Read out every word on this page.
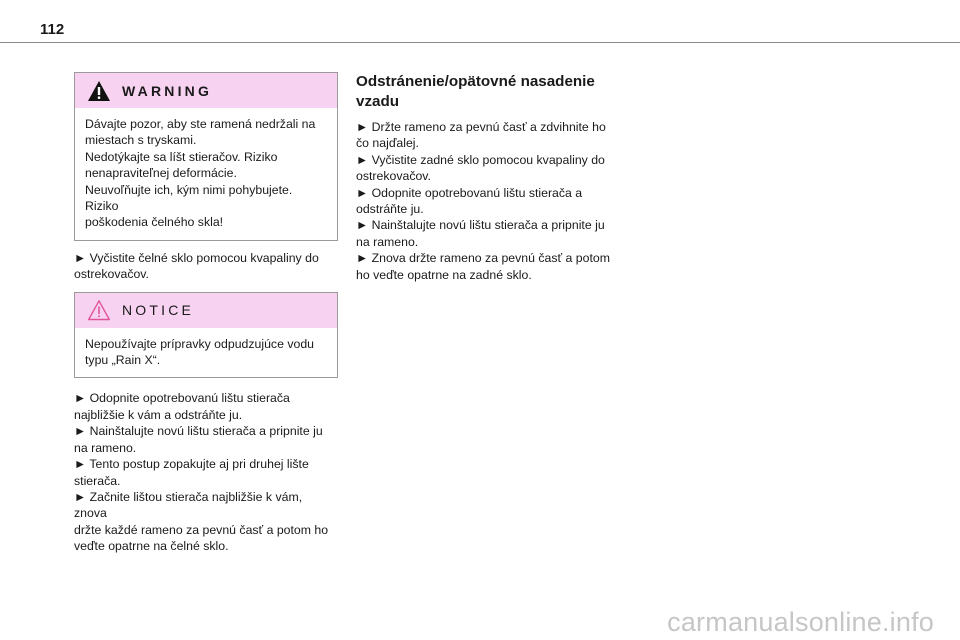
112
WARNING
Dávajte pozor, aby ste ramená nedržali na
miestach s tryskami.
Nedotýkajte sa líšt stieračov. Riziko
nenapraviteľnej deformácie.
Neuvoľňujte ich, kým nimi pohybujete. Riziko
poškodenia čelného skla!

► Vyčistite čelné sklo pomocou kvapaliny do
ostrekovačov.

NOTICE
Nepoužívajte prípravky odpudzujúce vodu
typu „Rain X“.

► Odopnite opotrebovanú lištu stierača
najbližšie k vám a odstráňte ju.
► Nainštalujte novú lištu stierača a pripnite ju
na rameno.
► Tento postup zopakujte aj pri druhej lište
stierača.
► Začnite lištou stierača najbližšie k vám, znova
držte každé rameno za pevnú časť a potom ho
veďte opatrne na čelné sklo.

Odstránenie/opätovné nasadenie
vzadu

► Držte rameno za pevnú časť a zdvihnite ho
čo najďalej.
► Vyčistite zadné sklo pomocou kvapaliny do
ostrekovačov.
► Odopnite opotrebovanú lištu stierača a
odstráňte ju.
► Nainštalujte novú lištu stierača a pripnite ju
na rameno.
► Znova držte rameno za pevnú časť a potom
ho veďte opatrne na zadné sklo.

carmanualsonline.info
